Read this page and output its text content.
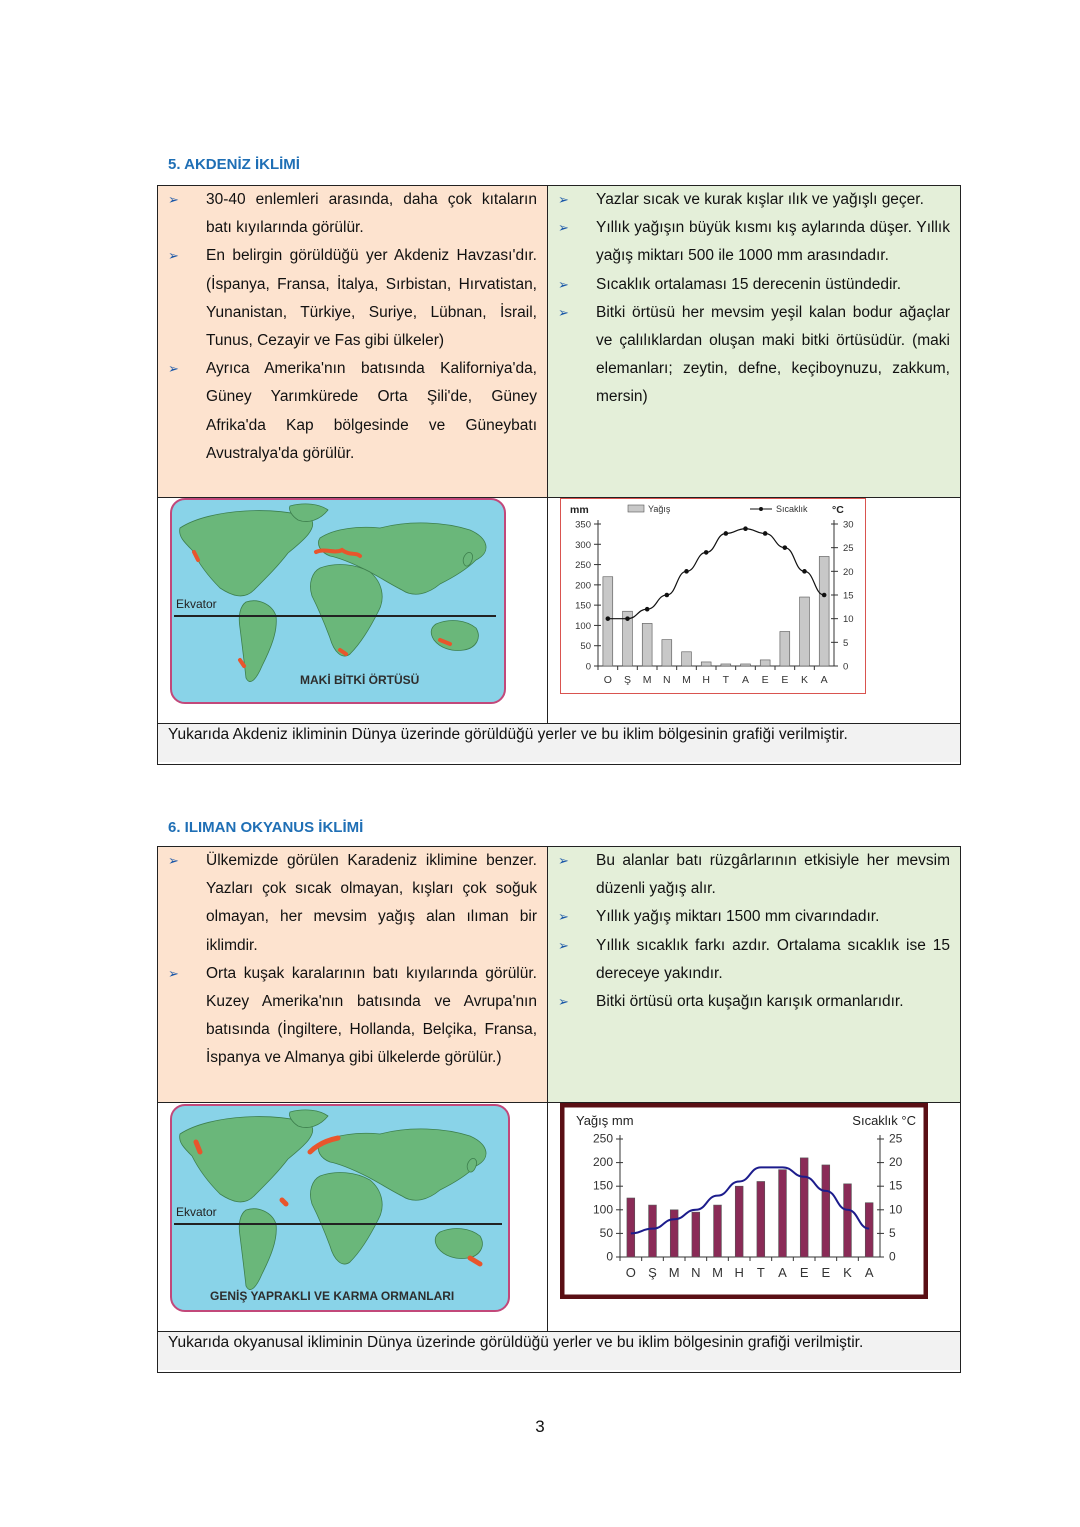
5. AKDENİZ İKLİMİ
➢ 30-40 enlemleri arasında, daha çok kıtaların batı kıyılarında görülür.
➢ En belirgin görüldüğü yer Akdeniz Havzası'dır. (İspanya, Fransa, İtalya, Sırbistan, Hırvatistan, Yunanistan, Türkiye, Suriye, Lübnan, İsrail, Tunus, Cezayir ve Fas gibi ülkeler)
➢ Ayrıca Amerika'nın batısında Kaliforniya'da, Güney Yarımkürede Orta Şili'de, Güney Afrika'da Kap bölgesinde ve Güneybatı Avustralya'da görülür.
➢ Yazlar sıcak ve kurak kışlar ılık ve yağışlı geçer.
➢ Yıllık yağışın büyük kısmı kış aylarında düşer. Yıllık yağış miktarı 500 ile 1000 mm arasındadır.
➢ Sıcaklık ortalaması 15 derecenin üstündedir.
➢ Bitki örtüsü her mevsim yeşil kalan bodur ağaçlar ve çalılıklardan oluşan maki bitki örtüsüdür. (maki elemanları; zeytin, defne, keçiboynuzu, zakkum, mersin)
Ekvator
MAKİ BİTKİ ÖRTÜSÜ
0
50
100
150
200
250
300
350
0
5
10
15
20
25
30
O Ş M N M H T A E E K A
mm	°C
Yağış	Sıcaklık
Yukarıda Akdeniz ikliminin Dünya üzerinde görüldüğü yerler ve bu iklim bölgesinin grafiği verilmiştir.
6. ILIMAN OKYANUS İKLİMİ
➢ Ülkemizde görülen Karadeniz iklimine benzer. Yazları çok sıcak olmayan, kışları çok soğuk olmayan, her mevsim yağış alan ılıman bir iklimdir.
➢ Orta kuşak karalarının batı kıyılarında görülür. Kuzey Amerika'nın batısında ve Avrupa'nın batısında (İngiltere, Hollanda, Belçika, Fransa, İspanya ve Almanya gibi ülkelerde görülür.)
➢ Bu alanlar batı rüzgârlarının etkisiyle her mevsim düzenli yağış alır.
➢ Yıllık yağış miktarı 1500 mm civarındadır.
➢ Yıllık sıcaklık farkı azdır. Ortalama sıcaklık ise 15 dereceye yakındır.
➢ Bitki örtüsü orta kuşağın karışık ormanlarıdır.
Ekvator
GENİŞ YAPRAKLI VE KARMA ORMANLARI
0
50
100
150
200
250
0
5
10
15
20
25
O Ş M N M H T A E E K A
Yağış mm	Sıcaklık °C
Yukarıda okyanusal ikliminin Dünya üzerinde görüldüğü yerler ve bu iklim bölgesinin grafiği verilmiştir.
3
